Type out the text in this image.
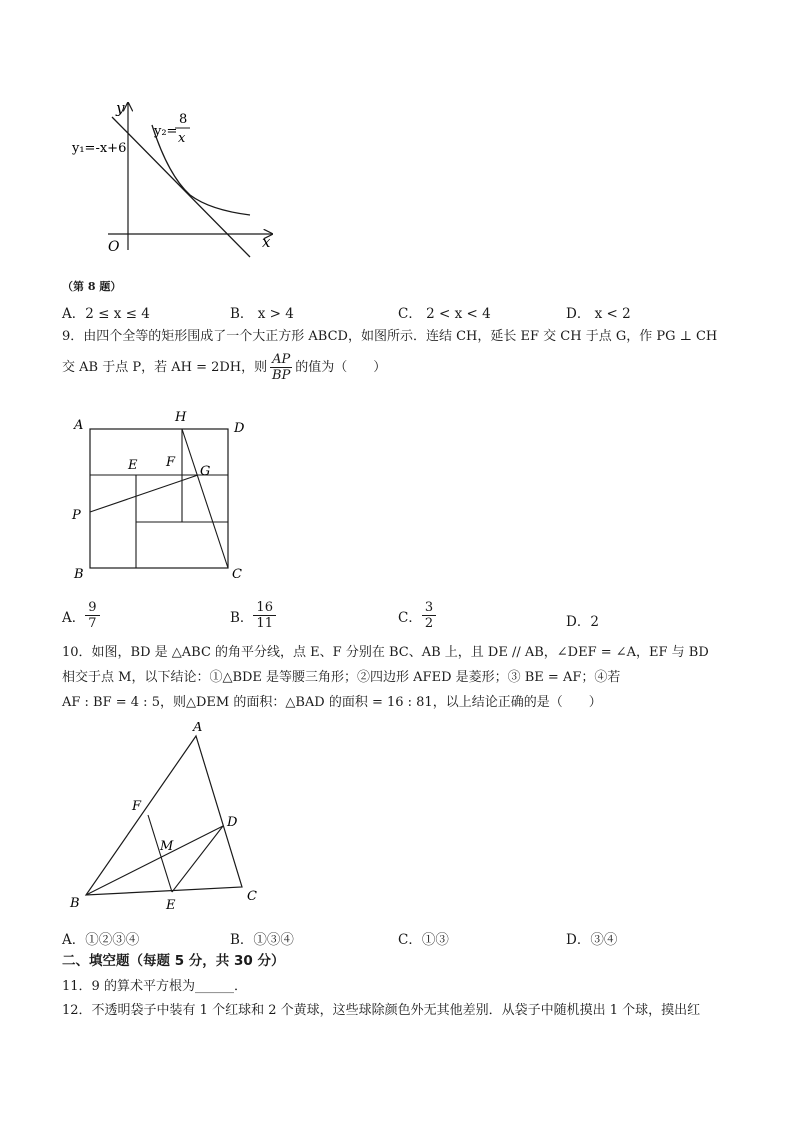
y
x
O
y₁=-x+6
y₂=
8
x
（第 8 题）
A．2 ≤ x ≤ 4	B． x > 4	C． 2 < x < 4	D． x < 2
9．由四个全等的矩形围成了一个大正方形 ABCD，如图所示．连结 CH，延长 EF 交 CH 于点 G，作 PG ⊥ CH
交 AB 于点 P，若 AH = 2DH，则 $\frac{AP}{BP}$ 的值为（　　）
A
H
D
E F
G
P
B	C
A． $\frac{9}{7}$	B． $\frac{16}{11}$	C． $\frac{3}{2}$	D．2
10．如图，BD 是 △ABC 的角平分线，点 E、F 分别在 BC、AB 上，且 DE // AB，∠DEF = ∠A，EF 与 BD
相交于点 M，以下结论：①△BDE 是等腰三角形；②四边形 AFED 是菱形；③ BE = AF；④若
AF : BF = 4 : 5，则△DEM 的面积：△BAD 的面积 = 16 : 81，以上结论正确的是（　　）
A
F
D
M
B	E
C
A．①②③④	B．①③④	C．①③	D．③④
二、填空题（每题 5 分，共 30 分）
11．9 的算术平方根为______．
12．不透明袋子中装有 1 个红球和 2 个黄球，这些球除颜色外无其他差别．从袋子中随机摸出 1 个球，摸出红
